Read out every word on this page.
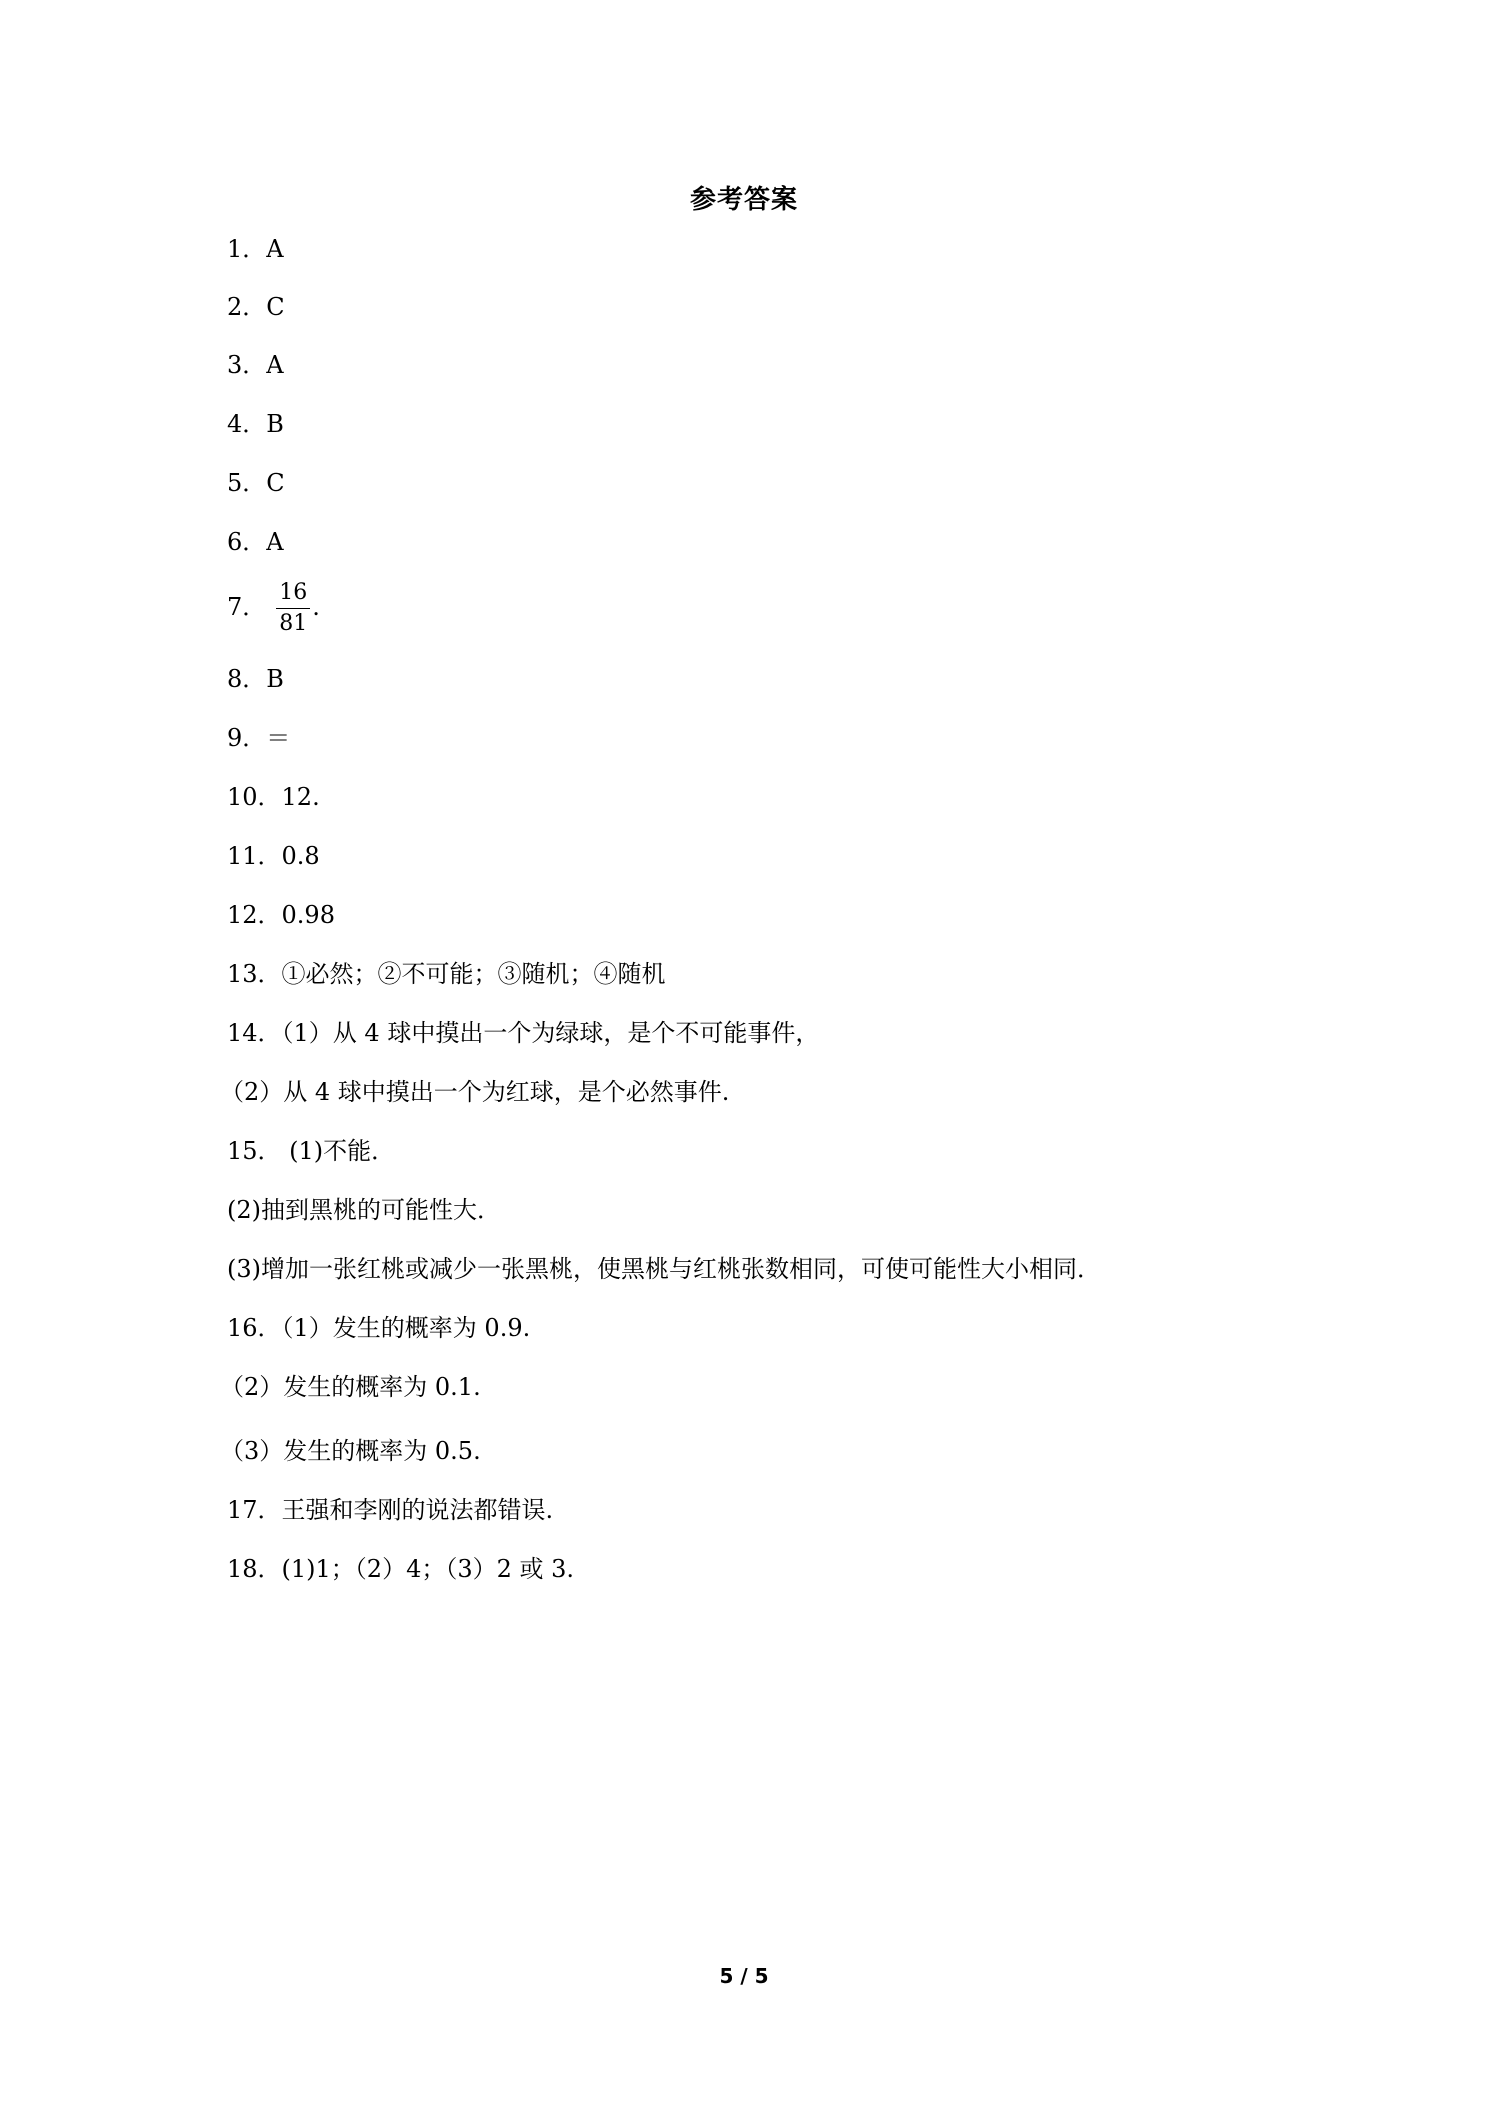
参考答案
1．A
2．C
3．A
4．B
5．C
6．A
7． $\frac{16}{81}$ .
8．B
9．＝
10．12.
11．0.8
12．0.98
13．①必然；②不可能；③随机；④随机
14．（1）从 4 球中摸出一个为绿球，是个不可能事件，
（2）从 4 球中摸出一个为红球，是个必然事件.
15． (1)不能．
(2)抽到黑桃的可能性大．
(3)增加一张红桃或减少一张黑桃，使黑桃与红桃张数相同，可使可能性大小相同．
16．（1）发生的概率为 0.9.
（2）发生的概率为 0.1.
（3）发生的概率为 0.5.
17．王强和李刚的说法都错误.
18．(1)1；（2）4；（3）2 或 3.
5 / 5
